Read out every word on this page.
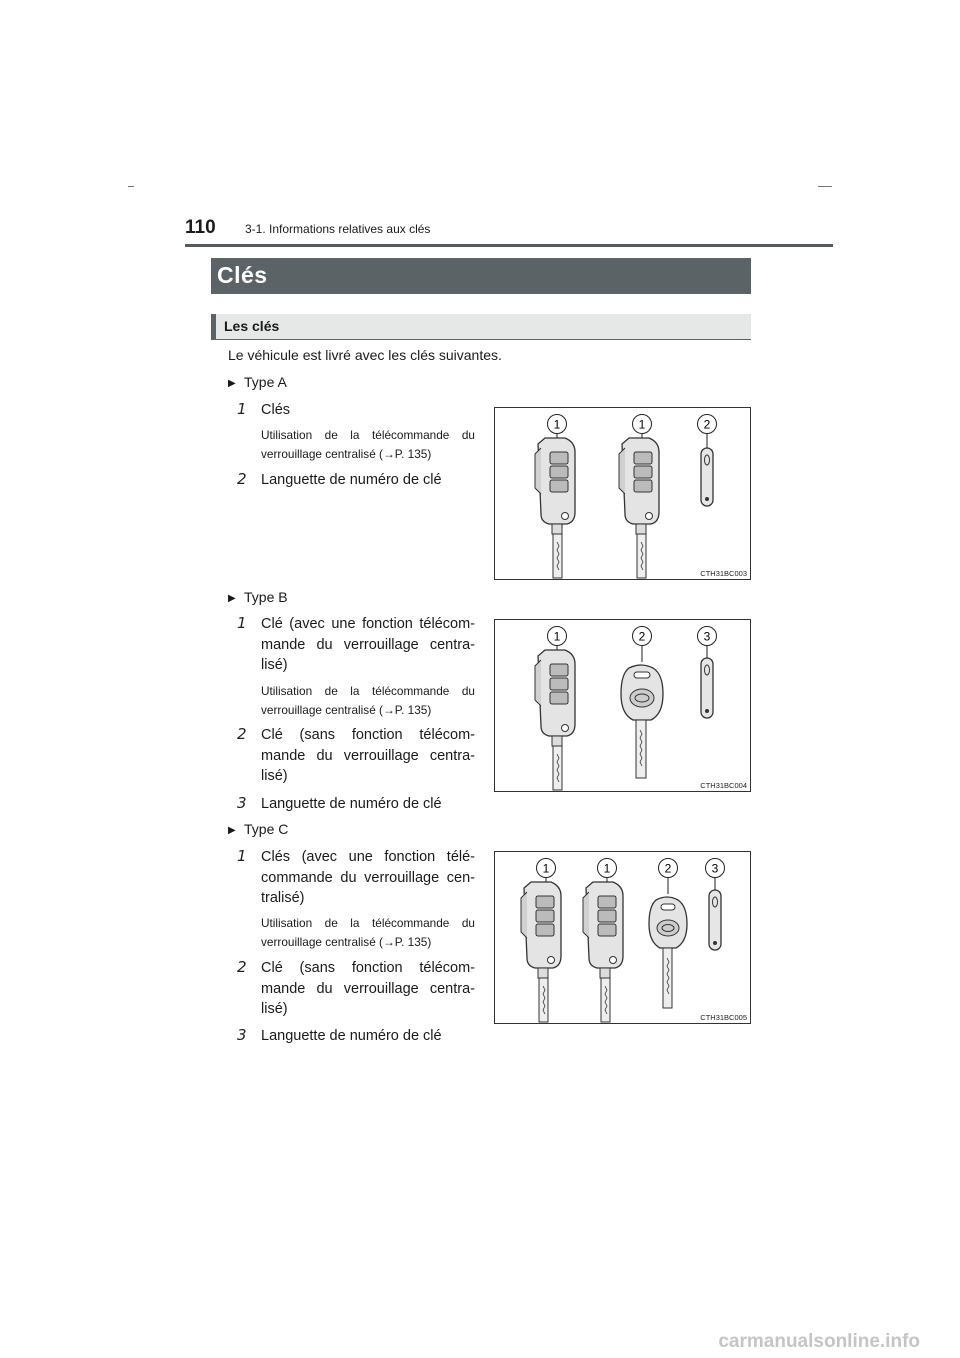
110 3-1. Informations relatives aux clés
Clés
Les clés
Le véhicule est livré avec les clés suivantes.
▶ Type A
1 Clés
Utilisation de la télécommande du verrouillage centralisé (→P. 135)
2 Languette de numéro de clé
1	1	2
CTH31BC003
▶ Type B
1 Clé (avec une fonction télécom-mande du verrouillage centra-lisé)
Utilisation de la télécommande du verrouillage centralisé (→P. 135)
2 Clé (sans fonction télécom-mande du verrouillage centra-lisé)
3 Languette de numéro de clé
1	2	3
CTH31BC004
▶ Type C
1 Clés (avec une fonction télé-commande du verrouillage cen-tralisé)
Utilisation de la télécommande du verrouillage centralisé (→P. 135)
2 Clé (sans fonction télécom-mande du verrouillage centra-lisé)
3 Languette de numéro de clé
1	1	2	3
CTH31BC005
carmanualsonline.info
